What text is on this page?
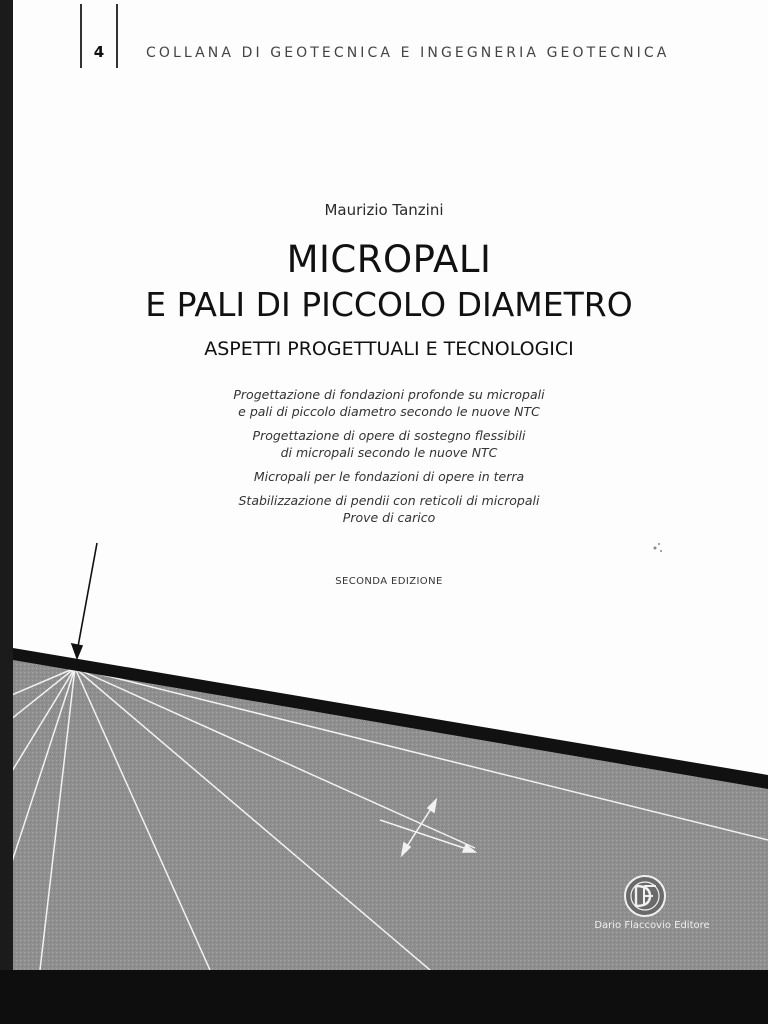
4	COLLANA DI GEOTECNICA E INGEGNERIA GEOTECNICA
Maurizio Tanzini
MICROPALI
E PALI DI PICCOLO DIAMETRO
ASPETTI PROGETTUALI E TECNOLOGICI
Progettazione di fondazioni profonde su micropali
e pali di piccolo diametro secondo le nuove NTC
Progettazione di opere di sostegno flessibili
di micropali secondo le nuove NTC
Micropali per le fondazioni di opere in terra
Stabilizzazione di pendii con reticoli di micropali
Prove di carico
SECONDA EDIZIONE
Dario Flaccovio Editore
